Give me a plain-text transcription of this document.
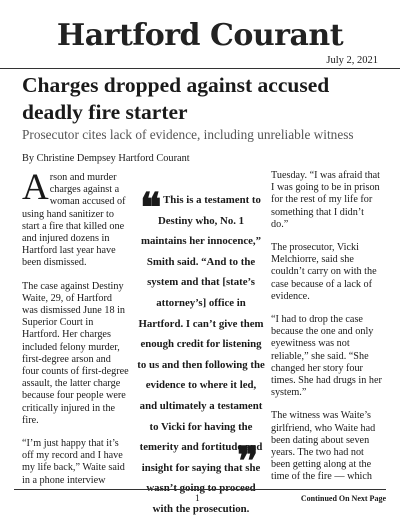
Hartford Courant
July 2, 2021
Charges dropped against accused deadly fire starter
Prosecutor cites lack of evidence, including unreliable witness
By Christine Dempsey Hartford Courant

Arson and murder charges against a woman accused of using hand sanitizer to start a fire that killed one and injured dozens in Hartford last year have been dismissed.

The case against Destiny Waite, 29, of Hartford was dismissed June 18 in Superior Court in Hartford. Her charges included felony murder, first-degree arson and four counts of first-degree assault, the latter charge because four people were critically injured in the fire.

“I’m just happy that it’s off my record and I have my life back,” Waite said in a phone interview

❝ This is a testament to Destiny who, No. 1 maintains her innocence,” Smith said. “And to the system and that [state’s attorney’s] office in Hartford. I can’t give them enough credit for listening to us and then following the evidence to where it led, and ultimately a testament to Vicki for having the temerity and fortitude and insight for saying that she with the prosecution.
❞

Tuesday. “I was afraid that I was going to be in prison for the rest of my life for something that I didn’t do.”

The prosecutor, Vicki Melchiorre, said she couldn’t carry on with the case because of a lack of evidence.

“I had to drop the case because the one and only eyewitness was not reliable,” she said. “She changed her story four times. She had drugs in her system.”

The witness was Waite’s girlfriend, who Waite had been dating about seven years. The two had not been getting along at the time of the fire — which

1	Continued On Next Page
